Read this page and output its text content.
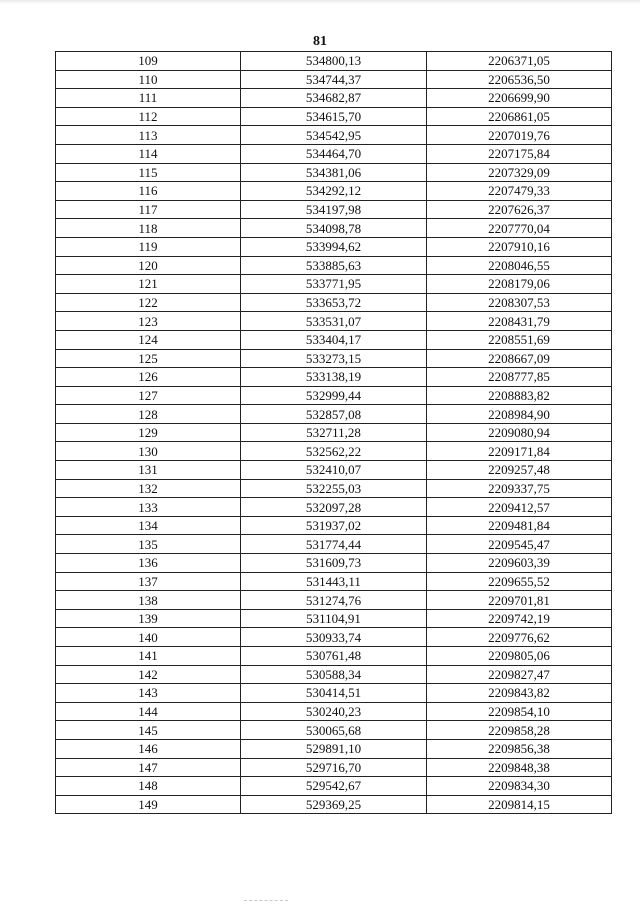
81
109	534800,13	2206371,05
110	534744,37	2206536,50
111	534682,87	2206699,90
112	534615,70	2206861,05
113	534542,95	2207019,76
114	534464,70	2207175,84
115	534381,06	2207329,09
116	534292,12	2207479,33
117	534197,98	2207626,37
118	534098,78	2207770,04
119	533994,62	2207910,16
120	533885,63	2208046,55
121	533771,95	2208179,06
122	533653,72	2208307,53
123	533531,07	2208431,79
124	533404,17	2208551,69
125	533273,15	2208667,09
126	533138,19	2208777,85
127	532999,44	2208883,82
128	532857,08	2208984,90
129	532711,28	2209080,94
130	532562,22	2209171,84
131	532410,07	2209257,48
132	532255,03	2209337,75
133	532097,28	2209412,57
134	531937,02	2209481,84
135	531774,44	2209545,47
136	531609,73	2209603,39
137	531443,11	2209655,52
138	531274,76	2209701,81
139	531104,91	2209742,19
140	530933,74	2209776,62
141	530761,48	2209805,06
142	530588,34	2209827,47
143	530414,51	2209843,82
144	530240,23	2209854,10
145	530065,68	2209858,28
146	529891,10	2209856,38
147	529716,70	2209848,38
148	529542,67	2209834,30
149	529369,25	2209814,15
